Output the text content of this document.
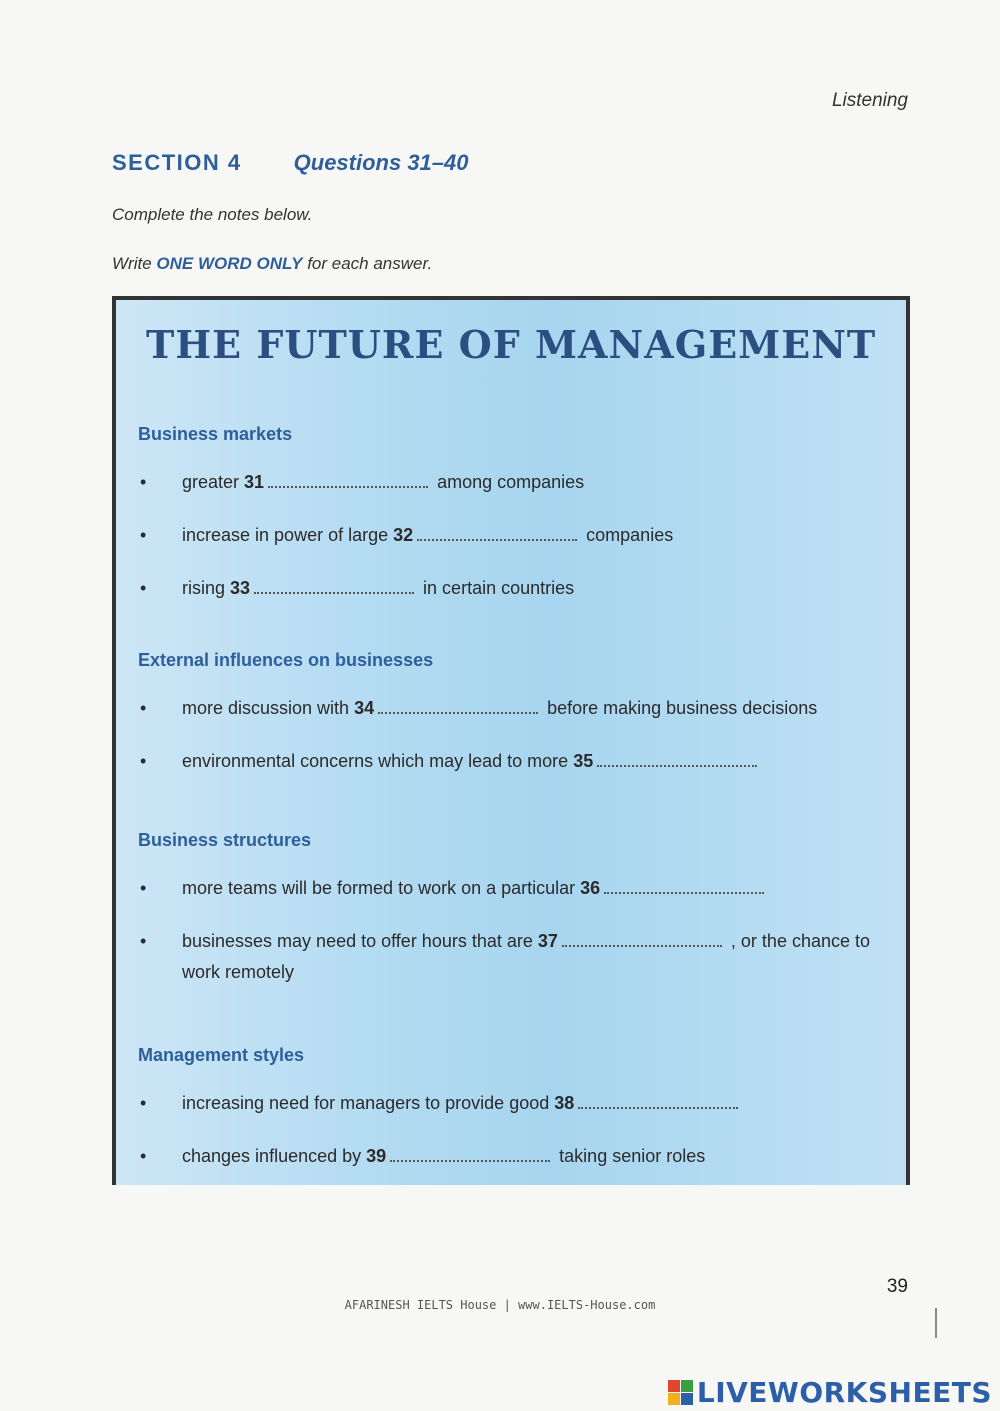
Listening
SECTION 4 Questions 31–40
Complete the notes below.
Write ONE WORD ONLY for each answer.
THE FUTURE OF MANAGEMENT
Business markets
• greater 31	among companies
• increase in power of large 32	companies
• rising 33	in certain countries
External influences on businesses
• more discussion with 34	before making business decisions
• environmental concerns which may lead to more 35
Business structures
• more teams will be formed to work on a particular 36
• businesses may need to offer hours that are 37	, or the chance to work remotely
Management styles
• increasing need for managers to provide good 38
• changes influenced by 39	taking senior roles
39
AFARINESH IELTS House | www.IELTS-House.com
LIVEWORKSHEETS
